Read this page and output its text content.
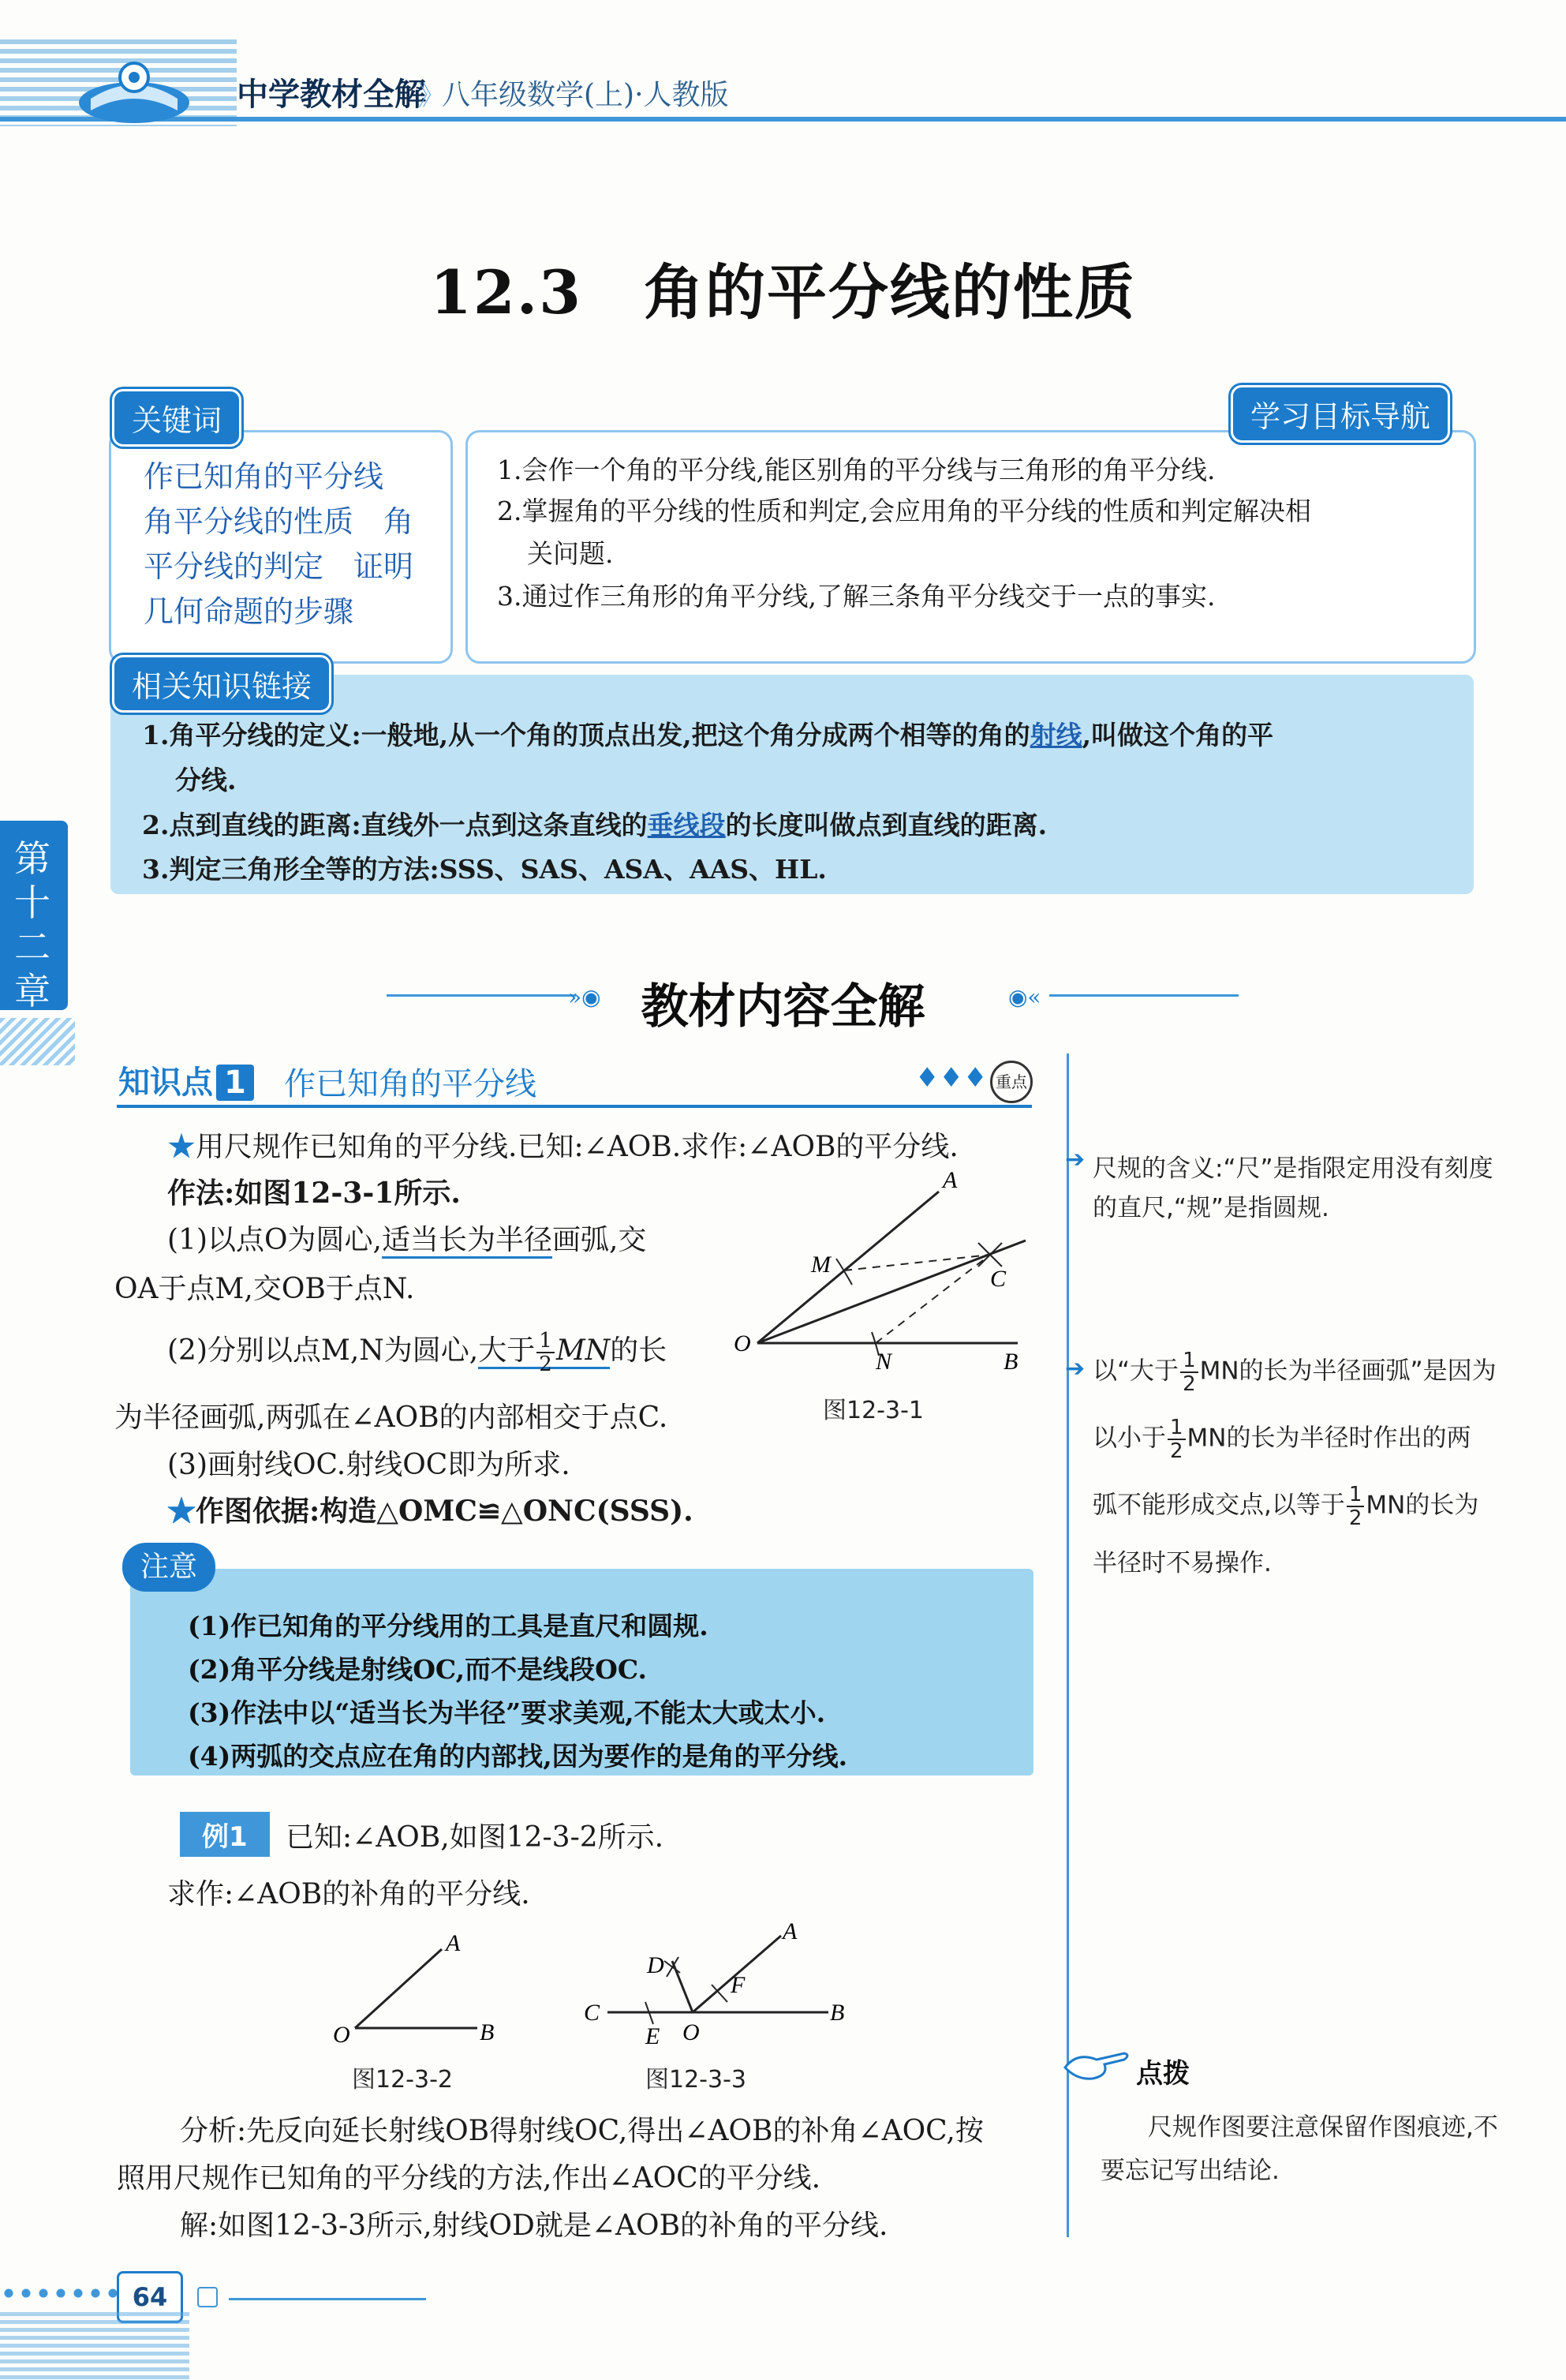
中学教材全解
》
八年级数学(上)·人教版
12.3　角的平分线的性质
关键词
作已知角的平分线
角平分线的性质　角
平分线的判定　证明
几何命题的步骤
学习目标导航
1.会作一个角的平分线,能区别角的平分线与三角形的角平分线.
2.掌握角的平分线的性质和判定,会应用角的平分线的性质和判定解决相
关问题.
3.通过作三角形的角平分线,了解三条角平分线交于一点的事实.
相关知识链接
1.角平分线的定义:一般地,从一个角的顶点出发,把这个角分成两个相等的角的射线,叫做这个角的平
分线.
2.点到直线的距离:直线外一点到这条直线的垂线段的长度叫做点到直线的距离.
3.判定三角形全等的方法:SSS、SAS、ASA、AAS、HL.
第十二章	»◉ 教材内容全解	◉«
知识点 1 作已知角的平分线	♦♦♦ 重点
★用尺规作已知角的平分线.已知:∠AOB.求作:∠AOB的平分线.
作法:如图12-3-1所示.
(1)以点O为圆心,适当长为半径画弧,交
OA于点M,交OB于点N.
(2)分别以点M,N为圆心,大于 $\frac{1}{2}$ MN的长
为半径画弧,两弧在∠AOB的内部相交于点C.
(3)画射线OC.射线OC即为所求.
★作图依据:构造△OMC≌△ONC(SSS).
A
M
C
O
N	B
图12-3-1
注意
(1)作已知角的平分线用的工具是直尺和圆规.
(2)角平分线是射线OC,而不是线段OC.
(3)作法中以“适当长为半径”要求美观,不能太大或太小.
(4)两弧的交点应在角的内部找,因为要作的是角的平分线.
例1	已知:∠AOB,如图12-3-2所示.
求作:∠AOB的补角的平分线.
A
O	B
图12-3-2
D
A
F
C
E O
B
图12-3-3
分析:先反向延长射线OB得射线OC,得出∠AOB的补角∠AOC,按
照用尺规作已知角的平分线的方法,作出∠AOC的平分线.
解:如图12-3-3所示,射线OD就是∠AOB的补角的平分线.
➔ 尺规的含义:“尺”是指限定用没有刻度
的直尺,“规”是指圆规.
➔ 以“大于 $\frac{1}{2}$ MN的长为半径画弧”是因为
以小于 $\frac{1}{2}$ MN的长为半径时作出的两
弧不能形成交点,以等于 $\frac{1}{2}$ MN的长为
半径时不易操作.
点拨
尺规作图要注意保留作图痕迹,不
要忘记写出结论.
64
